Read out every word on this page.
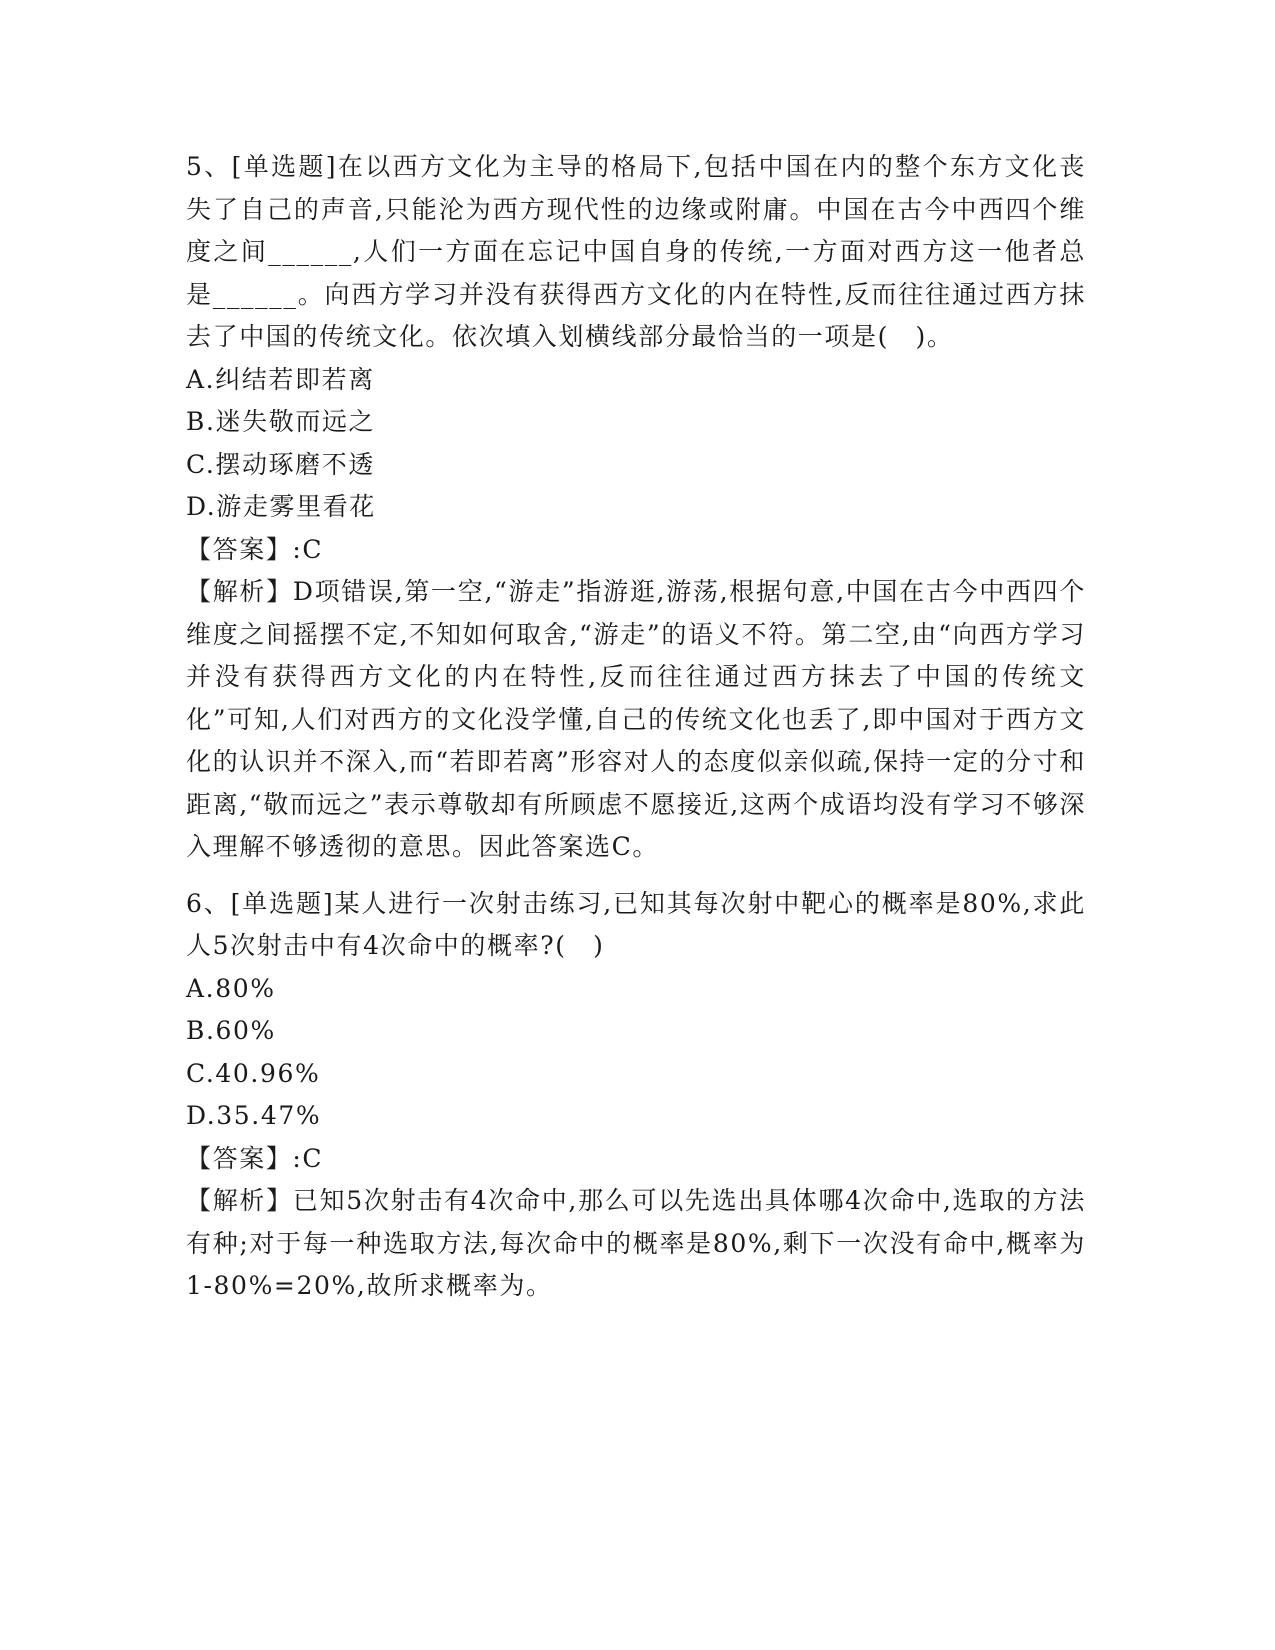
5、[单选题]在以西方文化为主导的格局下,包括中国在内的整个东方文化丧失了自己的声音,只能沦为西方现代性的边缘或附庸。中国在古今中西四个维度之间______,人们一方面在忘记中国自身的传统,一方面对西方这一他者总是______。向西方学习并没有获得西方文化的内在特性,反而往往通过西方抹去了中国的传统文化。依次填入划横线部分最恰当的一项是(　)。

A.纠结若即若离

B.迷失敬而远之

C.摆动琢磨不透

D.游走雾里看花

【答案】:C

【解析】D项错误,第一空,“游走”指游逛,游荡,根据句意,中国在古今中西四个维度之间摇摆不定,不知如何取舍,“游走”的语义不符。第二空,由“向西方学习并没有获得西方文化的内在特性,反而往往通过西方抹去了中国的传统文化”可知,人们对西方的文化没学懂,自己的传统文化也丢了,即中国对于西方文化的认识并不深入,而“若即若离”形容对人的态度似亲似疏,保持一定的分寸和距离,“敬而远之”表示尊敬却有所顾虑不愿接近,这两个成语均没有学习不够深入理解不够透彻的意思。因此答案选C。

6、[单选题]某人进行一次射击练习,已知其每次射中靶心的概率是80%,求此人5次射击中有4次命中的概率?(　)

A.80%

B.60%

C.40.96%

D.35.47%

【答案】:C

【解析】已知5次射击有4次命中,那么可以先选出具体哪4次命中,选取的方法有种;对于每一种选取方法,每次命中的概率是80%,剩下一次没有命中,概率为1-80%=20%,故所求概率为。
